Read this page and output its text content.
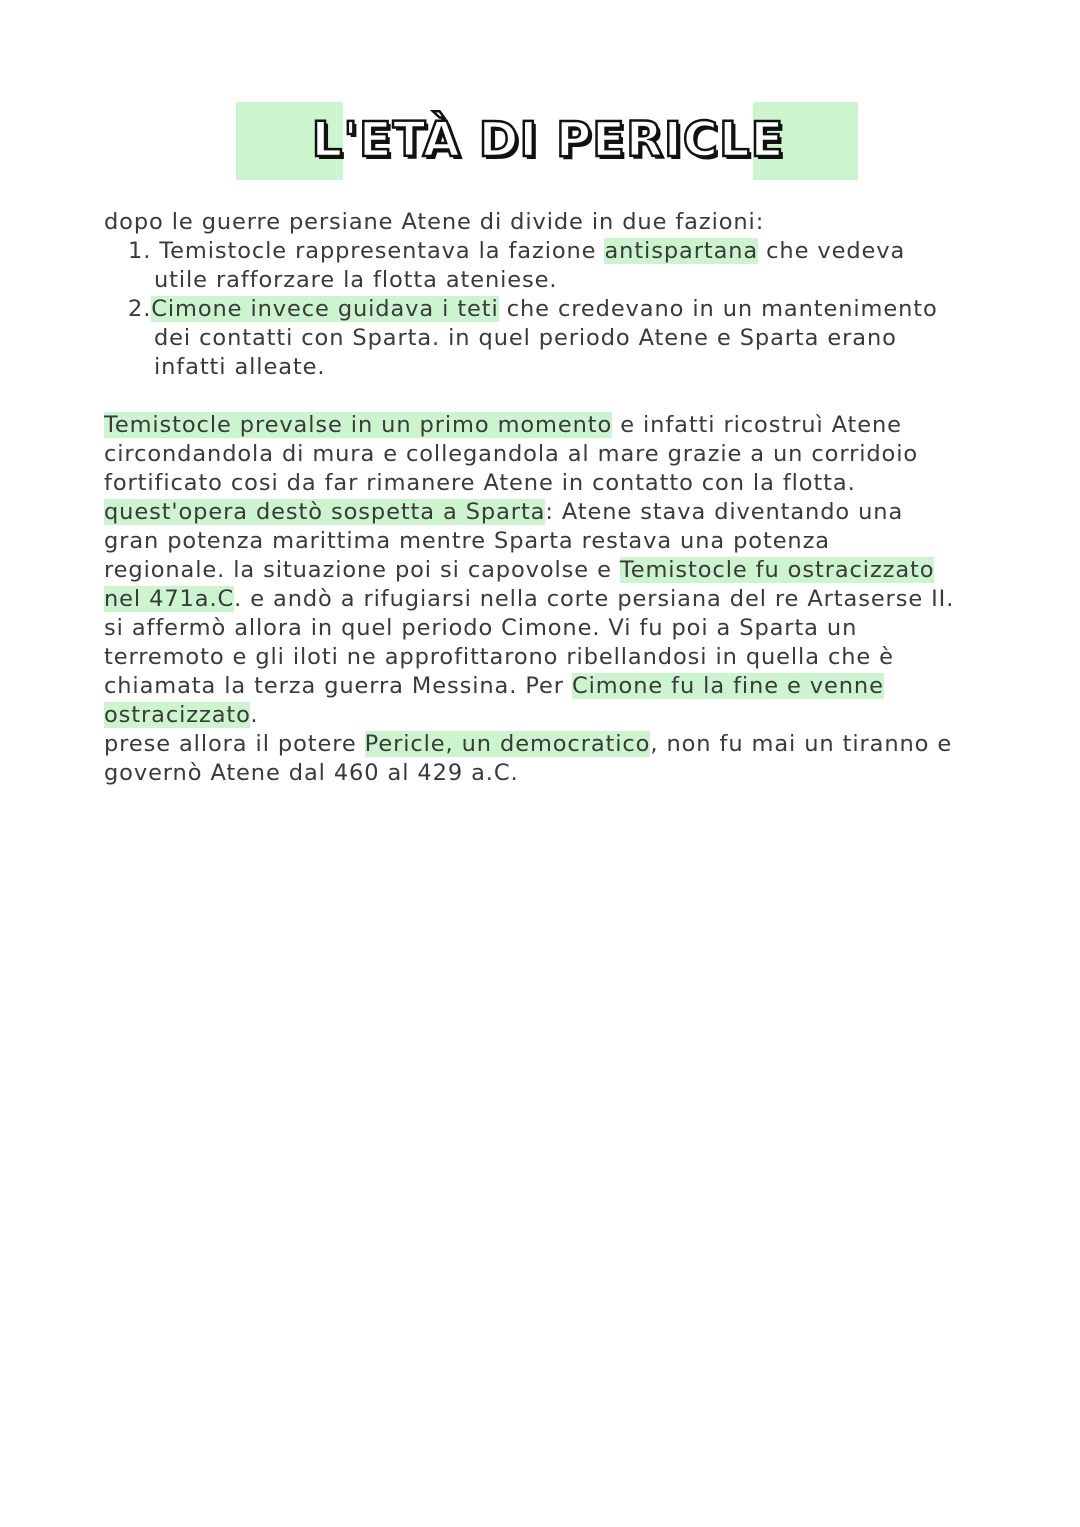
L'ETÀ DI PERICLE
dopo le guerre persiane Atene di divide in due fazioni:
1. Temistocle rappresentava la fazione antispartana che vedeva
utile rafforzare la flotta ateniese.
2.Cimone invece guidava i teti che credevano in un mantenimento
dei contatti con Sparta. in quel periodo Atene e Sparta erano
infatti alleate.
Temistocle prevalse in un primo momento e infatti ricostruì Atene
circondandola di mura e collegandola al mare grazie a un corridoio
fortificato cosi da far rimanere Atene in contatto con la flotta.
quest'opera destò sospetta a Sparta: Atene stava diventando una
gran potenza marittima mentre Sparta restava una potenza
regionale. la situazione poi si capovolse e Temistocle fu ostracizzato
nel 471a.C. e andò a rifugiarsi nella corte persiana del re Artaserse II.
si affermò allora in quel periodo Cimone. Vi fu poi a Sparta un
terremoto e gli iloti ne approfittarono ribellandosi in quella che è
chiamata la terza guerra Messina. Per Cimone fu la fine e venne
ostracizzato.
prese allora il potere Pericle, un democratico, non fu mai un tiranno e
governò Atene dal 460 al 429 a.C.
